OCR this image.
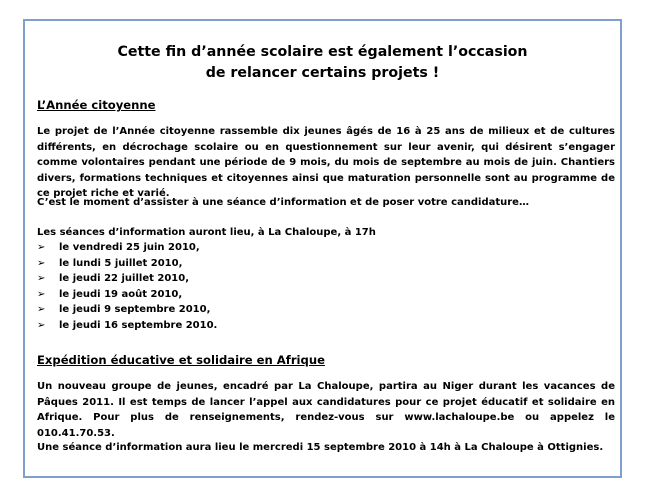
Cette fin d’année scolaire est également l’occasion
de relancer certains projets !
L’Année citoyenne

Le projet de l’Année citoyenne rassemble dix jeunes âgés de 16 à 25 ans de milieux et de cultures différents, en décrochage scolaire ou en questionnement sur leur avenir, qui désirent s’engager comme volontaires pendant une période de 9 mois, du mois de septembre au mois de juin. Chantiers divers, formations techniques et citoyennes ainsi que maturation personnelle sont au programme de ce projet riche et varié.

C’est le moment d’assister à une séance d’information et de poser votre candidature…

Les séances d’information auront lieu, à La Chaloupe, à 17h

➢ le vendredi 25 juin 2010,
➢ le lundi 5 juillet 2010,
➢ le jeudi 22 juillet 2010,
➢ le jeudi 19 août 2010,
➢ le jeudi 9 septembre 2010,
➢ le jeudi 16 septembre 2010.
Expédition éducative et solidaire en Afrique

Un nouveau groupe de jeunes, encadré par La Chaloupe, partira au Niger durant les vacances de Pâques 2011. Il est temps de lancer l’appel aux candidatures pour ce projet éducatif et solidaire en Afrique. Pour plus de renseignements, rendez-vous sur www.lachaloupe.be ou appelez le 010.41.70.53.

Une séance d’information aura lieu le mercredi 15 septembre 2010 à 14h à La Chaloupe à Ottignies.
